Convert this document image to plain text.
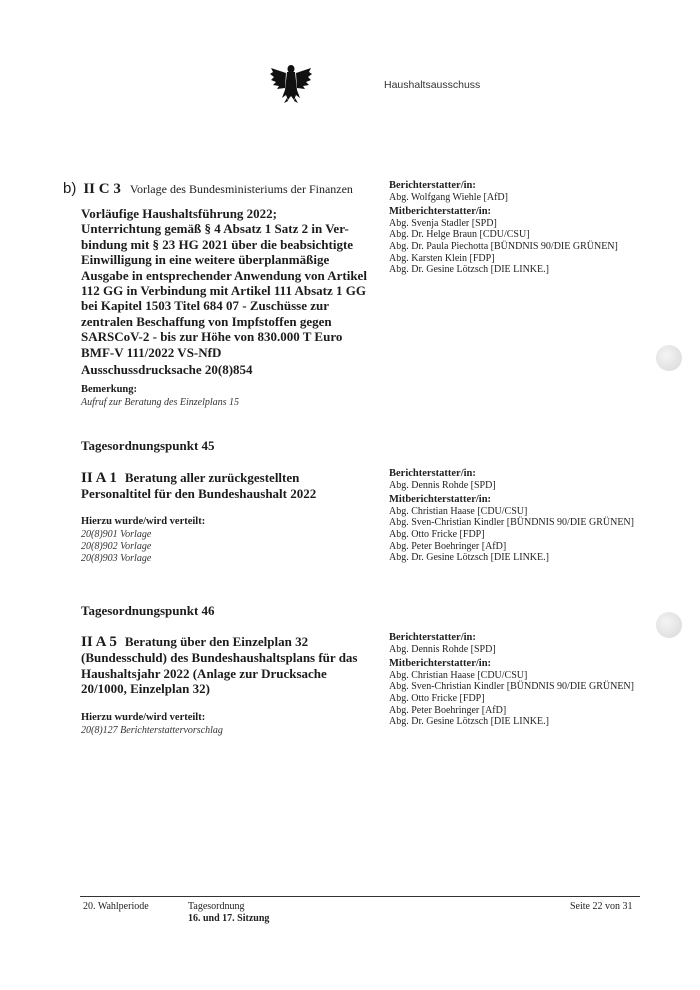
Haushaltsausschuss
b) II C 3 Vorlage des Bundesministeriums der Finanzen
Vorläufige Haushaltsführung 2022;
Unterrichtung gemäß § 4 Absatz 1 Satz 2 in Ver-
bindung mit § 23 HG 2021 über die beabsichtigte
Einwilligung in eine weitere überplanmäßige
Ausgabe in entsprechender Anwendung von Artikel
112 GG in Verbindung mit Artikel 111 Absatz 1 GG
bei Kapitel 1503 Titel 684 07 - Zuschüsse zur
zentralen Beschaffung von Impfstoffen gegen
SARSCoV-2 - bis zur Höhe von 830.000 T Euro
BMF-V 111/2022 VS-NfD
Ausschussdrucksache 20(8)854
Bemerkung:
Aufruf zur Beratung des Einzelplans 15
Berichterstatter/in:
Abg. Wolfgang Wiehle [AfD]
Mitberichterstatter/in:
Abg. Svenja Stadler [SPD]
Abg. Dr. Helge Braun [CDU/CSU]
Abg. Dr. Paula Piechotta [BÜNDNIS 90/DIE GRÜNEN]
Abg. Karsten Klein [FDP]
Abg. Dr. Gesine Lötzsch [DIE LINKE.]
Tagesordnungspunkt 45
II A 1 Beratung aller zurückgestellten
Personaltitel für den Bundeshaushalt 2022
Hierzu wurde/wird verteilt:
20(8)901 Vorlage
20(8)902 Vorlage
20(8)903 Vorlage
Berichterstatter/in:
Abg. Dennis Rohde [SPD]
Mitberichterstatter/in:
Abg. Christian Haase [CDU/CSU]
Abg. Sven-Christian Kindler [BÜNDNIS 90/DIE GRÜNEN]
Abg. Otto Fricke [FDP]
Abg. Peter Boehringer [AfD]
Abg. Dr. Gesine Lötzsch [DIE LINKE.]
Tagesordnungspunkt 46
II A 5 Beratung über den Einzelplan 32
(Bundesschuld) des Bundeshaushaltsplans für das
Haushaltsjahr 2022 (Anlage zur Drucksache
20/1000, Einzelplan 32)
Hierzu wurde/wird verteilt:
20(8)127 Berichterstattervorschlag
Berichterstatter/in:
Abg. Dennis Rohde [SPD]
Mitberichterstatter/in:
Abg. Christian Haase [CDU/CSU]
Abg. Sven-Christian Kindler [BÜNDNIS 90/DIE GRÜNEN]
Abg. Otto Fricke [FDP]
Abg. Peter Boehringer [AfD]
Abg. Dr. Gesine Lötzsch [DIE LINKE.]
20. Wahlperiode	Tagesordnung
16. und 17. Sitzung
Seite 22 von 31
